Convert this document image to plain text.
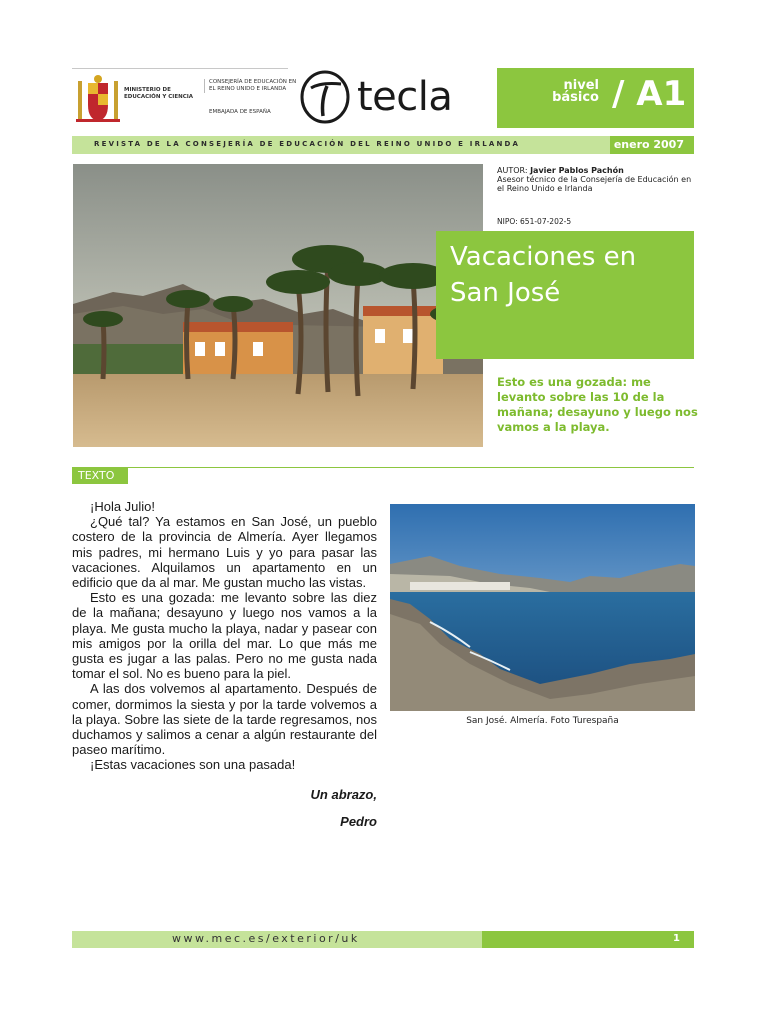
MINISTERIO DE EDUCACIÓN Y CIENCIA
CONSEJERÍA DE EDUCACIÓN EN EL REINO UNIDO E IRLANDA
EMBAJADA DE ESPAÑA	tecla	nivel básico / A1
REVISTA DE LA CONSEJERÍA DE EDUCACIÓN DEL REINO UNIDO E IRLANDA	enero 2007
AUTOR: Javier Pablos Pachón
Asesor técnico de la Consejería de Educación en el Reino Unido e Irlanda
NIPO: 651-07-202-5
Vacaciones en San José
Esto es una gozada: me levanto sobre las 10 de la mañana; desayuno y luego nos vamos a la playa.
TEXTO

¡Hola Julio!

¿Qué tal? Ya estamos en San José, un pueblo costero de la provincia de Almería. Ayer llegamos mis padres, mi hermano Luis y yo para pasar las vacaciones. Alquilamos un apartamento en un edificio que da al mar. Me gustan mucho las vistas.

Esto es una gozada: me levanto sobre las diez de la mañana; desayuno y luego nos vamos a la playa. Me gusta mucho la playa, nadar y pasear con mis amigos por la orilla del mar. Lo que más me gusta es jugar a las palas. Pero no me gusta nada tomar el sol. No es bueno para la piel.

A las dos volvemos al apartamento. Después de comer, dormimos la siesta y por la tarde volvemos a la playa. Sobre las siete de la tarde regresamos, nos duchamos y salimos a cenar a algún restaurante del paseo marítimo.

¡Estas vacaciones son una pasada!

Un abrazo,

Pedro

San José. Almería. Foto Turespaña
www.mec.es/exterior/uk	1
